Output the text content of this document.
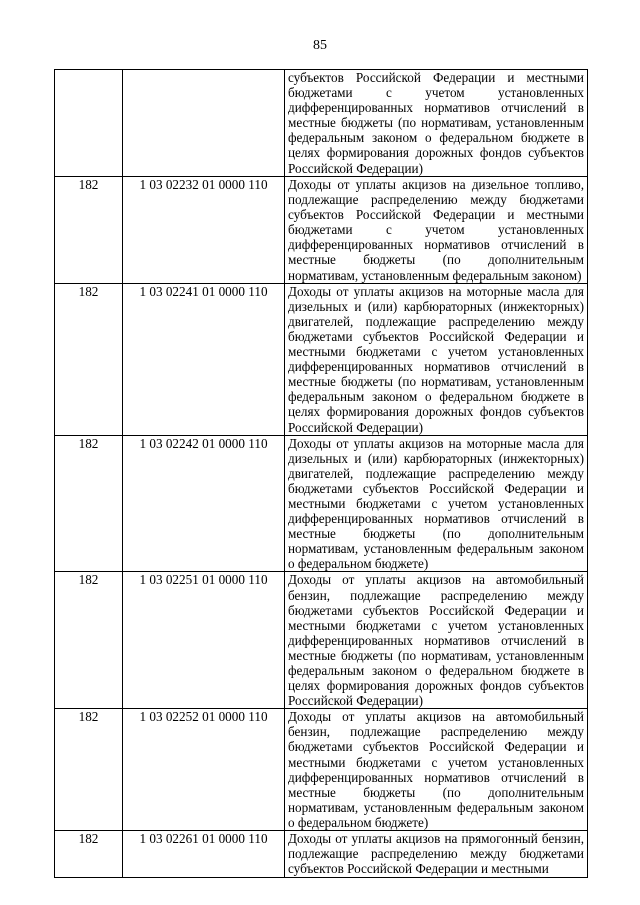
85
		субъектов Российской Федерации и местными бюджетами с учетом установленных дифференцированных нормативов отчислений в местные бюджеты (по нормативам, установленным федеральным законом о федеральном бюджете в целях формирования дорожных фондов субъектов Российской Федерации)
182	1 03 02232 01 0000 110	Доходы от уплаты акцизов на дизельное топливо, подлежащие распределению между бюджетами субъектов Российской Федерации и местными бюджетами с учетом установленных дифференцированных нормативов отчислений в местные бюджеты (по дополнительным нормативам, установленным федеральным законом)
182	1 03 02241 01 0000 110	Доходы от уплаты акцизов на моторные масла для дизельных и (или) карбюраторных (инжекторных) двигателей, подлежащие распределению между бюджетами субъектов Российской Федерации и местными бюджетами с учетом установленных дифференцированных нормативов отчислений в местные бюджеты (по нормативам, установленным федеральным законом о федеральном бюджете в целях формирования дорожных фондов субъектов Российской Федерации)
182	1 03 02242 01 0000 110	Доходы от уплаты акцизов на моторные масла для дизельных и (или) карбюраторных (инжекторных) двигателей, подлежащие распределению между бюджетами субъектов Российской Федерации и местными бюджетами с учетом установленных дифференцированных нормативов отчислений в местные бюджеты (по дополнительным нормативам, установленным федеральным законом о федеральном бюджете)
182	1 03 02251 01 0000 110	Доходы от уплаты акцизов на автомобильный бензин, подлежащие распределению между бюджетами субъектов Российской Федерации и местными бюджетами с учетом установленных дифференцированных нормативов отчислений в местные бюджеты (по нормативам, установленным федеральным законом о федеральном бюджете в целях формирования дорожных фондов субъектов Российской Федерации)
182	1 03 02252 01 0000 110	Доходы от уплаты акцизов на автомобильный бензин, подлежащие распределению между бюджетами субъектов Российской Федерации и местными бюджетами с учетом установленных дифференцированных нормативов отчислений в местные бюджеты (по дополнительным нормативам, установленным федеральным законом о федеральном бюджете)
182	1 03 02261 01 0000 110	Доходы от уплаты акцизов на прямогонный бензин, подлежащие распределению между бюджетами субъектов Российской Федерации и местными
